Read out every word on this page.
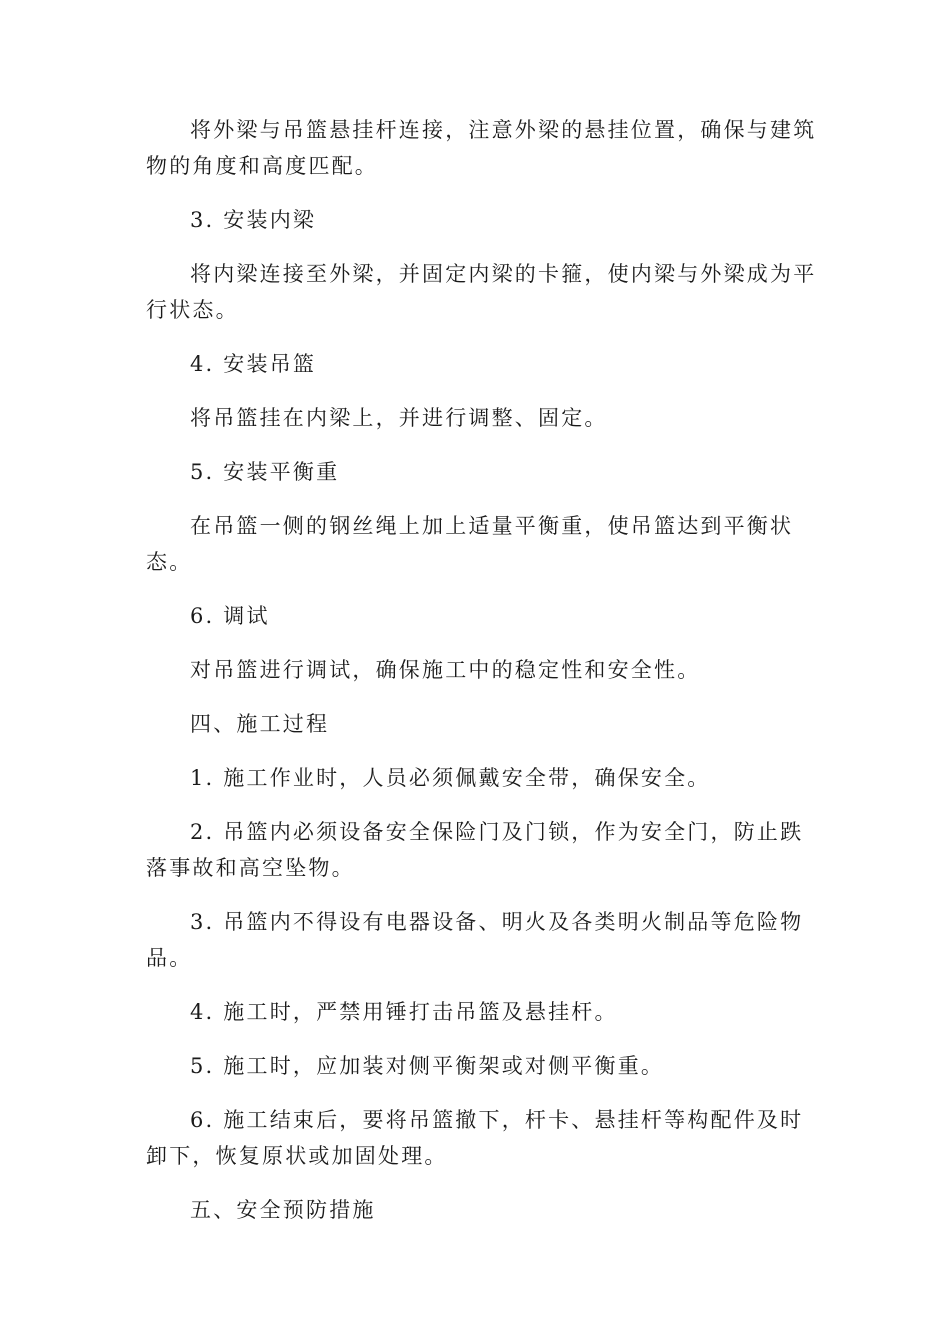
将外梁与吊篮悬挂杆连接，注意外梁的悬挂位置，确保与建筑物的角度和高度匹配。

3. 安装内梁

将内梁连接至外梁，并固定内梁的卡箍，使内梁与外梁成为平行状态。

4. 安装吊篮

将吊篮挂在内梁上，并进行调整、固定。

5. 安装平衡重

在吊篮一侧的钢丝绳上加上适量平衡重，使吊篮达到平衡状态。

6. 调试

对吊篮进行调试，确保施工中的稳定性和安全性。

四、施工过程

1. 施工作业时，人员必须佩戴安全带，确保安全。

2. 吊篮内必须设备安全保险门及门锁，作为安全门，防止跌落事故和高空坠物。

3. 吊篮内不得设有电器设备、明火及各类明火制品等危险物品。

4. 施工时，严禁用锤打击吊篮及悬挂杆。

5. 施工时，应加装对侧平衡架或对侧平衡重。

6. 施工结束后，要将吊篮撤下，杆卡、悬挂杆等构配件及时卸下，恢复原状或加固处理。

五、安全预防措施
